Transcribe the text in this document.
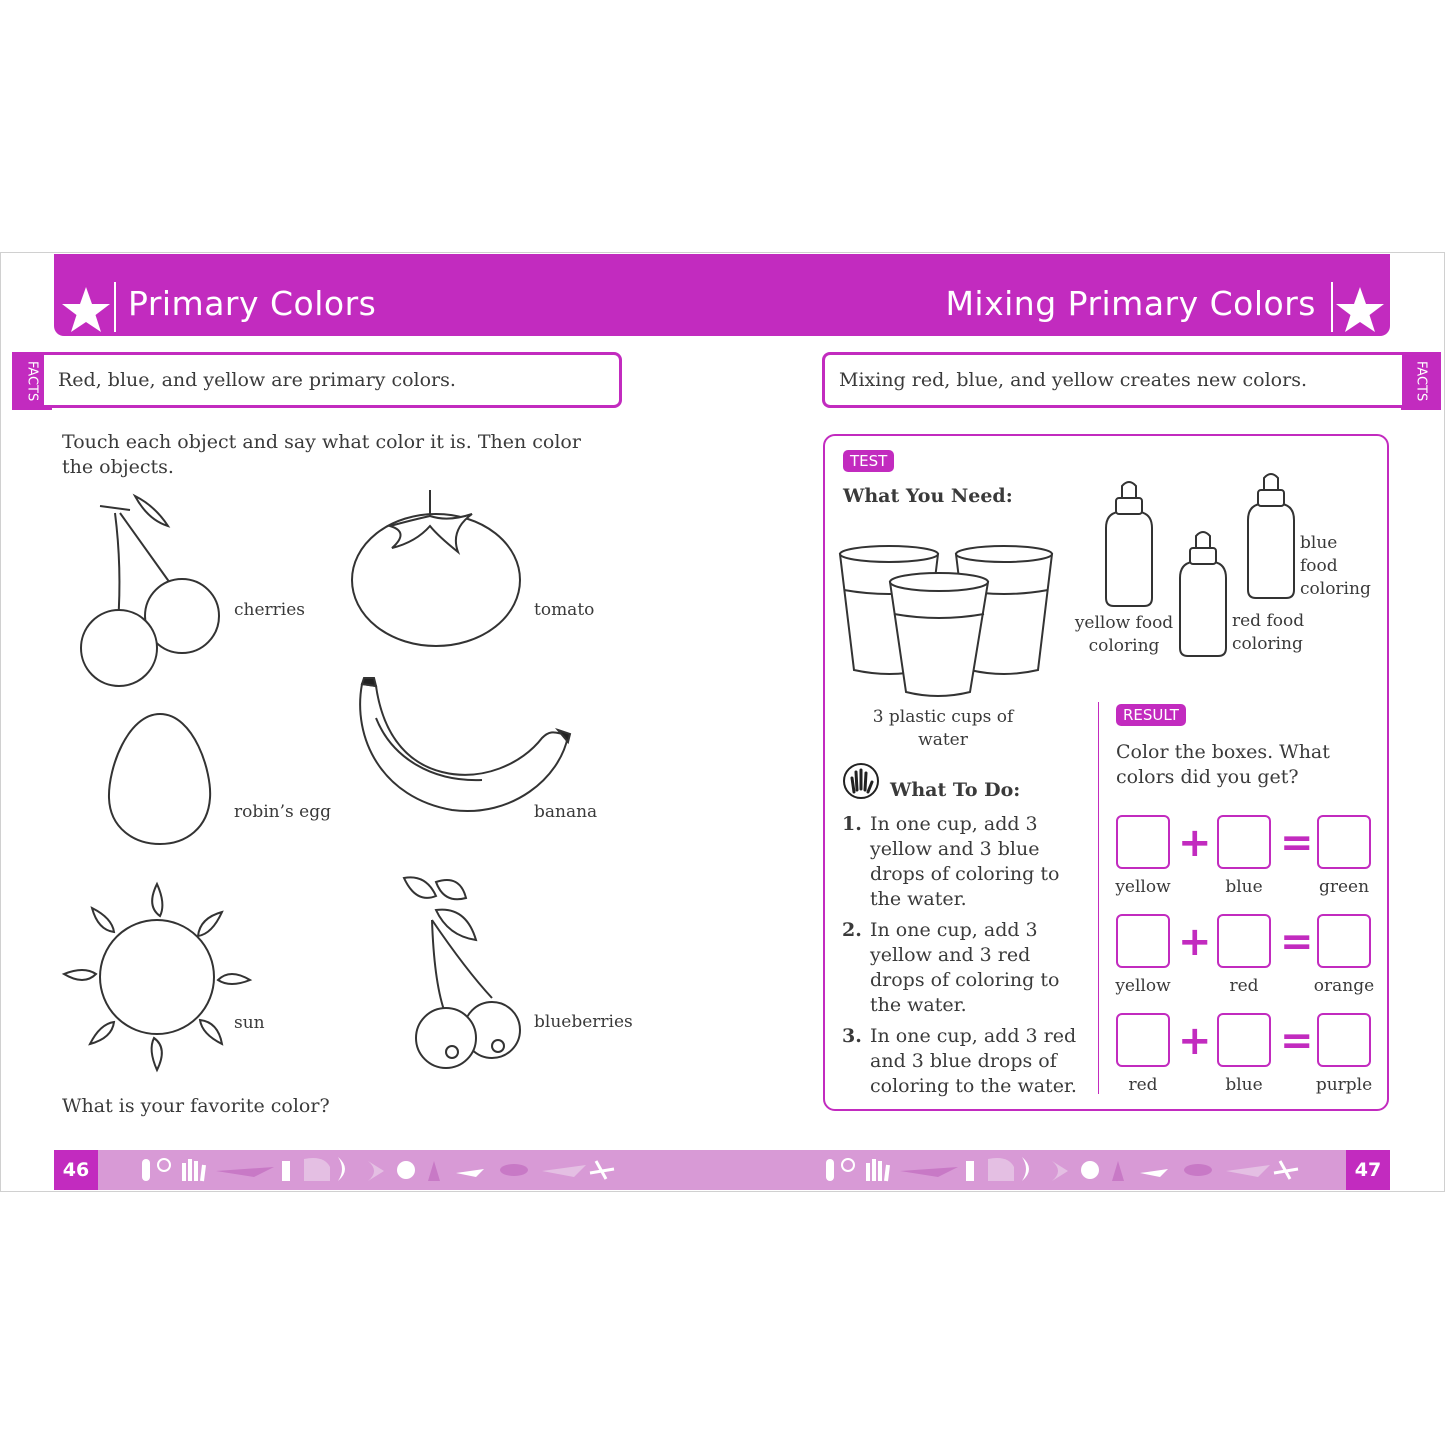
Primary Colors	Mixing Primary Colors
FACTS Red, blue, and yellow are primary colors.	FACTS
Mixing red, blue, and yellow creates new colors.
Touch each object and say what color it is. Then color the objects.
cherries	tomato
robin’s egg	banana
sun	blueberries
What is your favorite color?
TEST
What You Need:
3 plastic cups of water
yellow food coloring
red food coloring
blue food coloring
What To Do:
1. In one cup, add 3 yellow and 3 blue drops of coloring to the water.
2. In one cup, add 3 yellow and 3 red drops of coloring to the water.
3. In one cup, add 3 red and 3 blue drops of coloring to the water.
RESULT
Color the boxes. What colors did you get?
+ =
yellow	blue	green
+ =
yellow	red	orange
+ =
red	blue	purple
46	47
